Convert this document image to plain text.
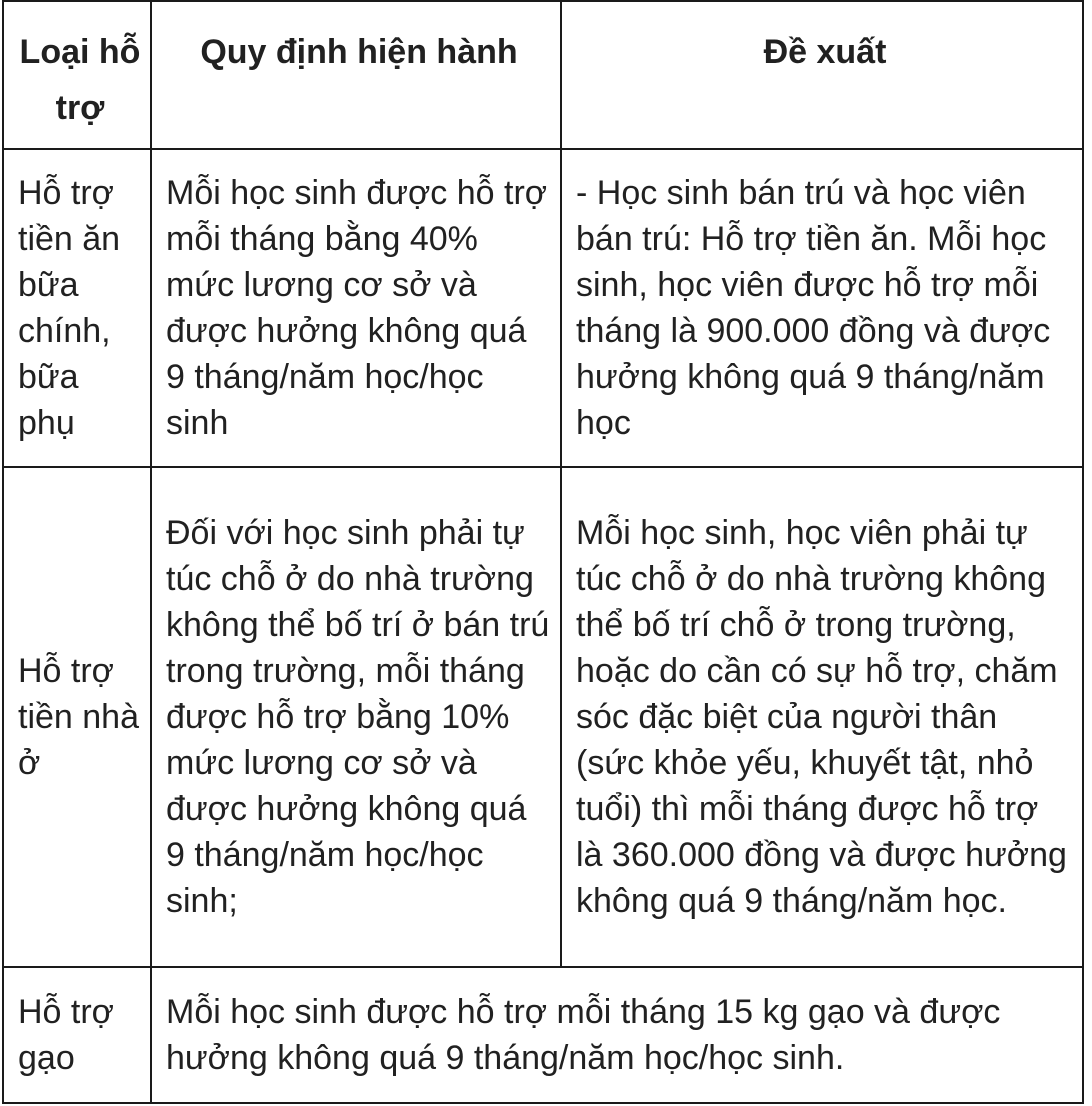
Loại hỗ trợ	Quy định hiện hành	Đề xuất
Hỗ trợ tiền ăn bữa chính, bữa phụ	Mỗi học sinh được hỗ trợ mỗi tháng bằng 40% mức lương cơ sở và được hưởng không quá 9 tháng/năm học/học sinh	- Học sinh bán trú và học viên bán trú: Hỗ trợ tiền ăn. Mỗi học sinh, học viên được hỗ trợ mỗi tháng là 900.000 đồng và được hưởng không quá 9 tháng/năm học
Hỗ trợ tiền nhà ở	Đối với học sinh phải tự túc chỗ ở do nhà trường không thể bố trí ở bán trú trong trường, mỗi tháng được hỗ trợ bằng 10% mức lương cơ sở và được hưởng không quá 9 tháng/năm học/học sinh;	Mỗi học sinh, học viên phải tự túc chỗ ở do nhà trường không thể bố trí chỗ ở trong trường, hoặc do cần có sự hỗ trợ, chăm sóc đặc biệt của người thân (sức khỏe yếu, khuyết tật, nhỏ tuổi) thì mỗi tháng được hỗ trợ là 360.000 đồng và được hưởng không quá 9 tháng/năm học.
Hỗ trợ gạo	Mỗi học sinh được hỗ trợ mỗi tháng 15 kg gạo và được hưởng không quá 9 tháng/năm học/học sinh.	
